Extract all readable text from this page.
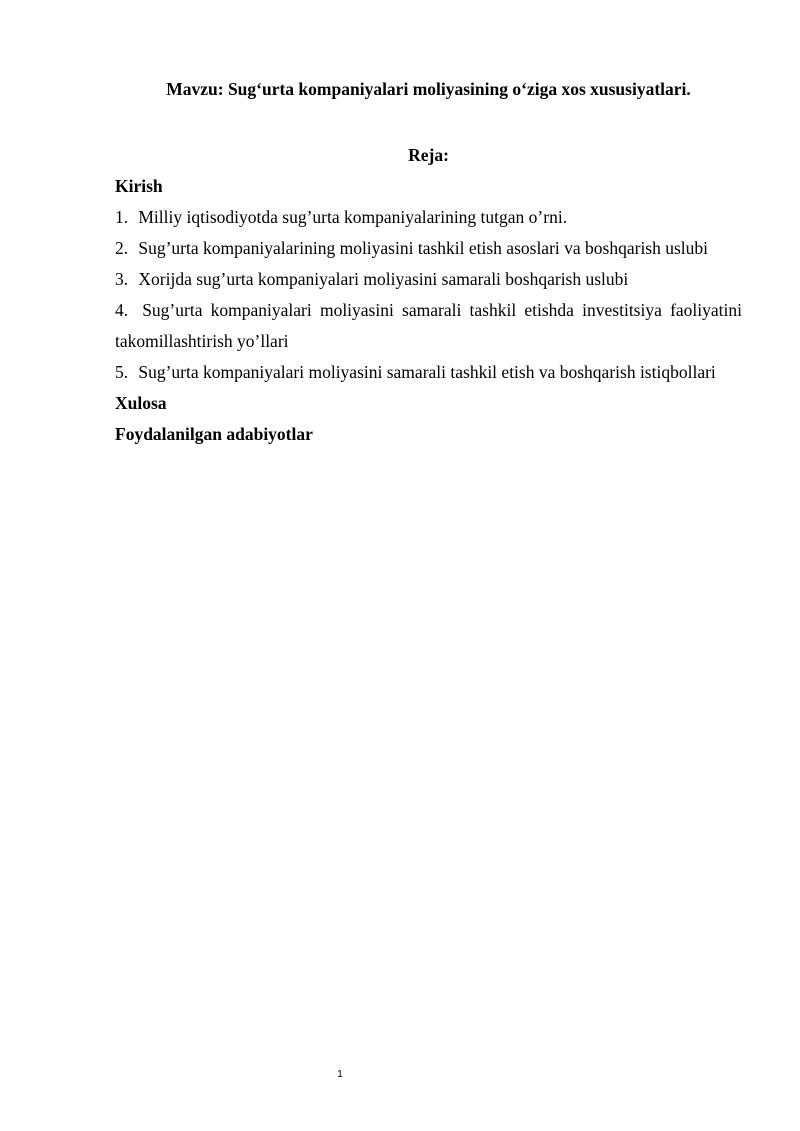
Mavzu: Sug‘urta kompaniyalari moliyasining o‘ziga xos xususiyatlari.
Reja:

Kirish

1. Milliy iqtisodiyotda sug’urta kompaniyalarining tutgan o’rni.

2. Sug’urta kompaniyalarining moliyasini tashkil etish asoslari va boshqarish uslubi

3. Xorijda sug’urta kompaniyalari moliyasini samarali boshqarish uslubi

4. Sug’urta kompaniyalari moliyasini samarali tashkil etishda investitsiya faoliyatini takomillashtirish yo’llari

5. Sug’urta kompaniyalari moliyasini samarali tashkil etish va boshqarish istiqbollari

Xulosa

Foydalanilgan adabiyotlar

1
